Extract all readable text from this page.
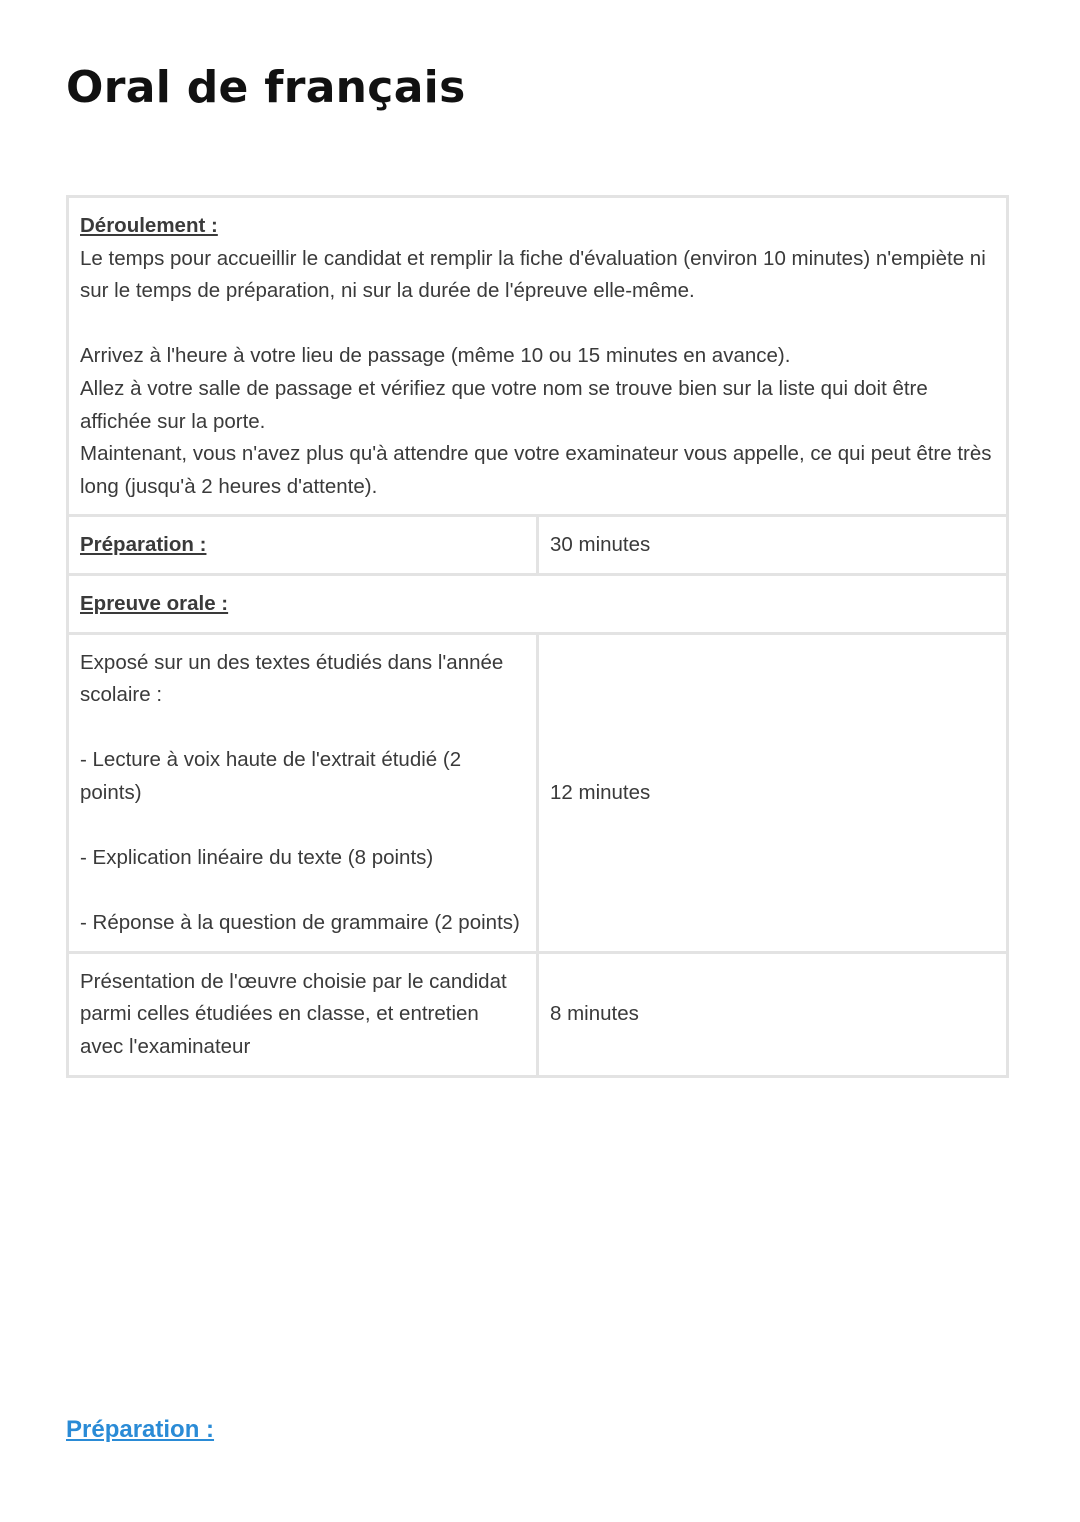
Oral de français
Déroulement :
Le temps pour accueillir le candidat et remplir la fiche d'évaluation (environ 10 minutes) n'empiète ni sur le temps de préparation, ni sur la durée de l'épreuve elle-même.
Arrivez à l'heure à votre lieu de passage (même 10 ou 15 minutes en avance).
Allez à votre salle de passage et vérifiez que votre nom se trouve bien sur la liste qui doit être affichée sur la porte.
Maintenant, vous n'avez plus qu'à attendre que votre examinateur vous appelle, ce qui peut être très long (jusqu'à 2 heures d'attente).	

Préparation :	30 minutes
Epreuve orale :	

Exposé sur un des textes étudiés dans l'année scolaire :
- Lecture à voix haute de l'extrait étudié (2 points)
- Explication linéaire du texte (8 points)
- Réponse à la question de grammaire (2 points)	12 minutes
Présentation de l'œuvre choisie par le candidat parmi celles étudiées en classe, et entretien avec l'examinateur	8 minutes
Préparation :
